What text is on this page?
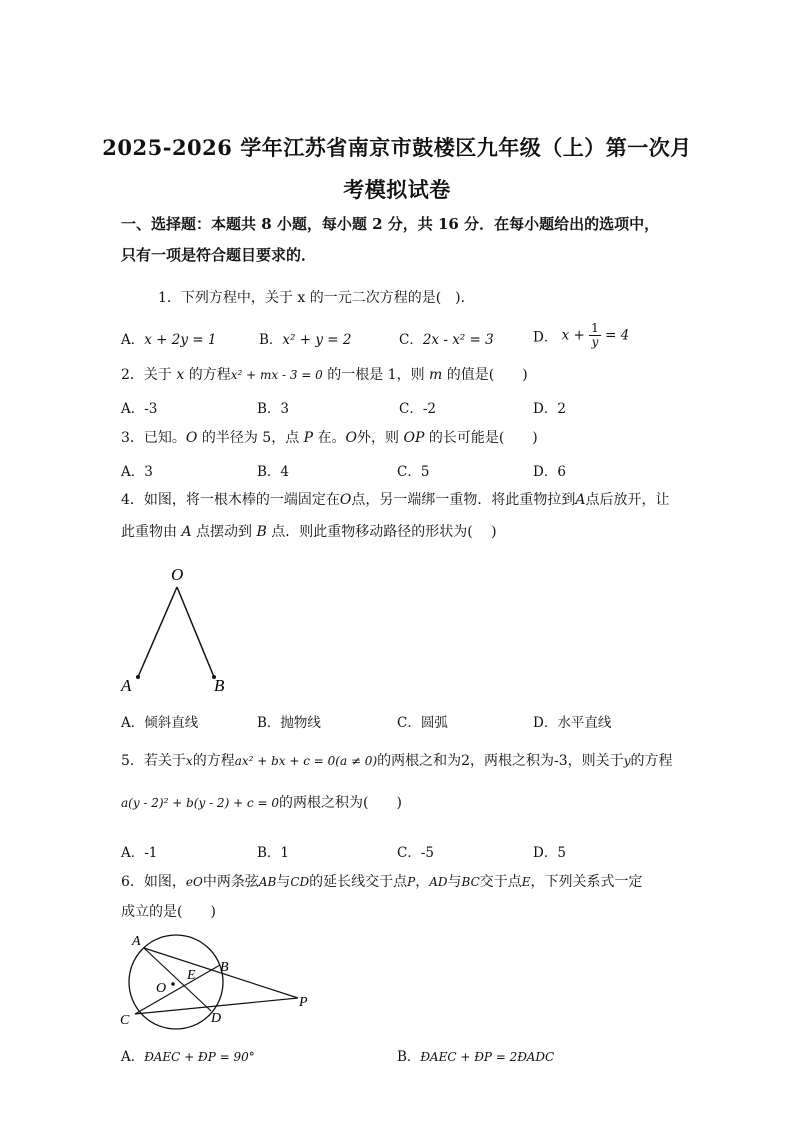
2025-2026 学年江苏省南京市鼓楼区九年级（上）第一次月
考模拟试卷
一、选择题：本题共 8 小题，每小题 2 分，共 16 分．在每小题给出的选项中，
只有一项是符合题目要求的．
1．下列方程中，关于 x 的一元二次方程的是(　)．
A．x + 2y = 1	B．x² + y = 2	C．2x - x² = 3	D． $x + \frac{1}{y} = 4$
2．关于 x 的方程x² + mx - 3 = 0 的一根是 1，则 m 的值是(　　)
A．-3	B．3	C．-2	D．2
3．已知。O 的半径为 5，点 P 在。O外，则 OP 的长可能是(　　)
A．3	B．4	C．5	D．6
4．如图，将一根木棒的一端固定在O点，另一端绑一重物．将此重物拉到A点后放开，让
此重物由 A 点摆动到 B 点．则此重物移动路径的形状为(　 )
O
A	B
A．倾斜直线	B．抛物线	C．圆弧	D．水平直线
5．若关于x的方程ax² + bx + c = 0(a ≠ 0)的两根之和为2，两根之积为-3，则关于y的方程
a(y - 2)² + b(y - 2) + c = 0的两根之积为(　　)
A．-1	B．1	C．-5	D．5
6．如图，eO中两条弦AB与CD的延长线交于点P，AD与BC交于点E，下列关系式一定
成立的是(　　)
A
B
C	D
E
O
P
A．ÐAEC + ÐP = 90°	B．ÐAEC + ÐP = 2ÐADC
